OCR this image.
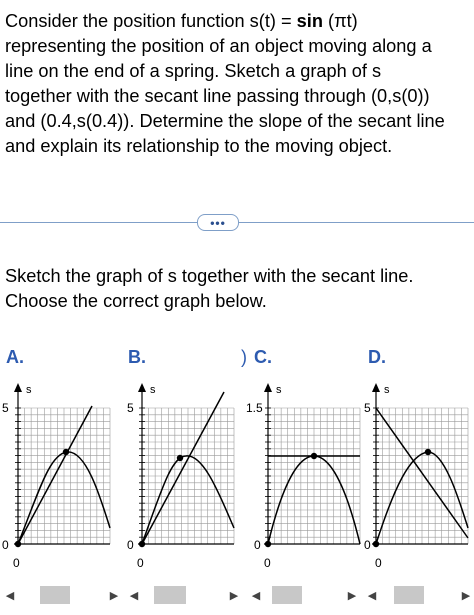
Consider the position function s(t) = sin (πt)
representing the position of an object moving along a
line on the end of a spring. Sketch a graph of s
together with the secant line passing through (0,s(0))
and (0.4,s(0.4)). Determine the slope of the secant line
and explain its relationship to the moving object.
•••
Sketch the graph of s together with the secant line.
Choose the correct graph below.
A.	B.	) C.	D.
s
5
0
0
s
5
0
0
s
1.5
0
0
s
5
0
0
◀	▶ ◀	▶ ◀	▶ ◀	▶
